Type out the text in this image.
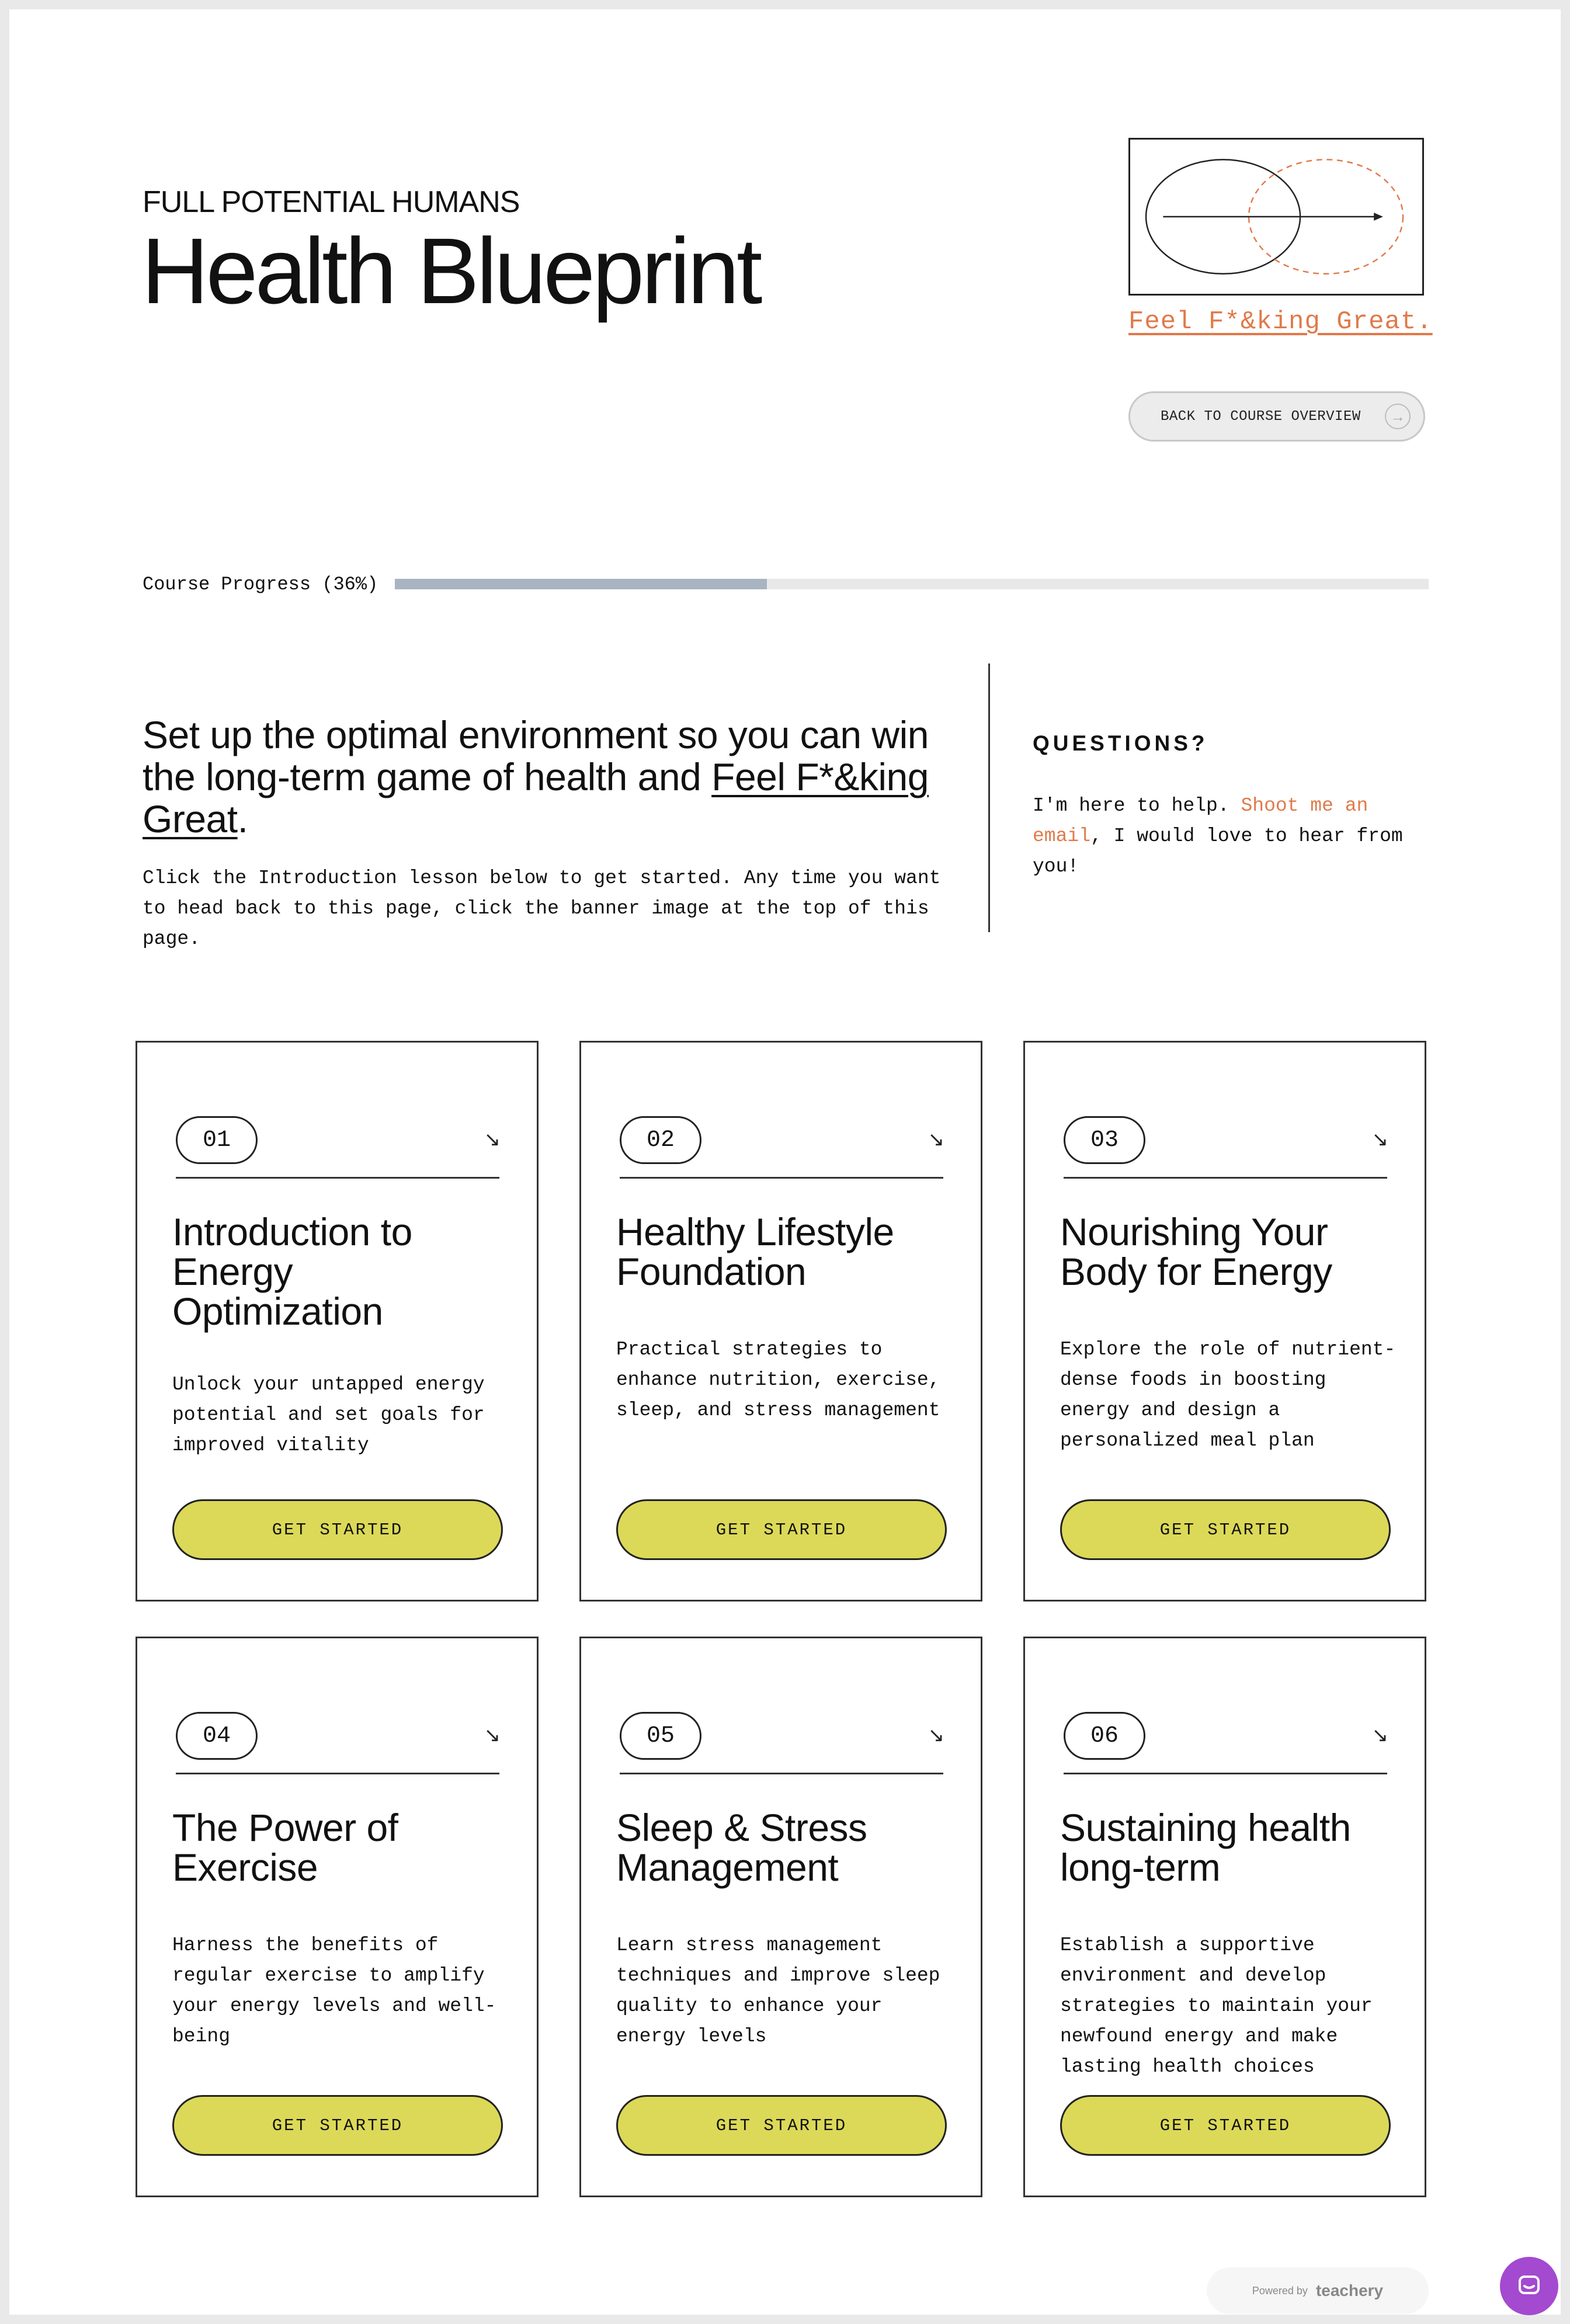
FULL POTENTIAL HUMANS
Health Blueprint	Feel F*&king Great.
BACK TO COURSE OVERVIEW	→
Course Progress (36%)
Set up the optimal environment so you can win the long-term game of health and Feel F*&king Great.

Click the Introduction lesson below to get started. Any time you want to head back to this page, click the banner image at the top of this page.

QUESTIONS?

I'm here to help. Shoot me an email, I would love to hear from you!

01	↘
Introduction to Energy Optimization

Unlock your untapped energy potential and set goals for improved vitality

GET STARTED
02	↘
Healthy Lifestyle Foundation

Practical strategies to enhance nutrition, exercise, sleep, and stress management

GET STARTED
03	↘
Nourishing Your Body for Energy

Explore the role of nutrient-dense foods in boosting energy and design a personalized meal plan

GET STARTED
04	↘
The Power of Exercise

Harness the benefits of regular exercise to amplify your energy levels and well-being

GET STARTED
05	↘
Sleep & Stress Management

Learn stress management techniques and improve sleep quality to enhance your energy levels

GET STARTED
06	↘
Sustaining health long-term

Establish a supportive environment and develop strategies to maintain your newfound energy and make lasting health choices

GET STARTED
Powered by teachery
